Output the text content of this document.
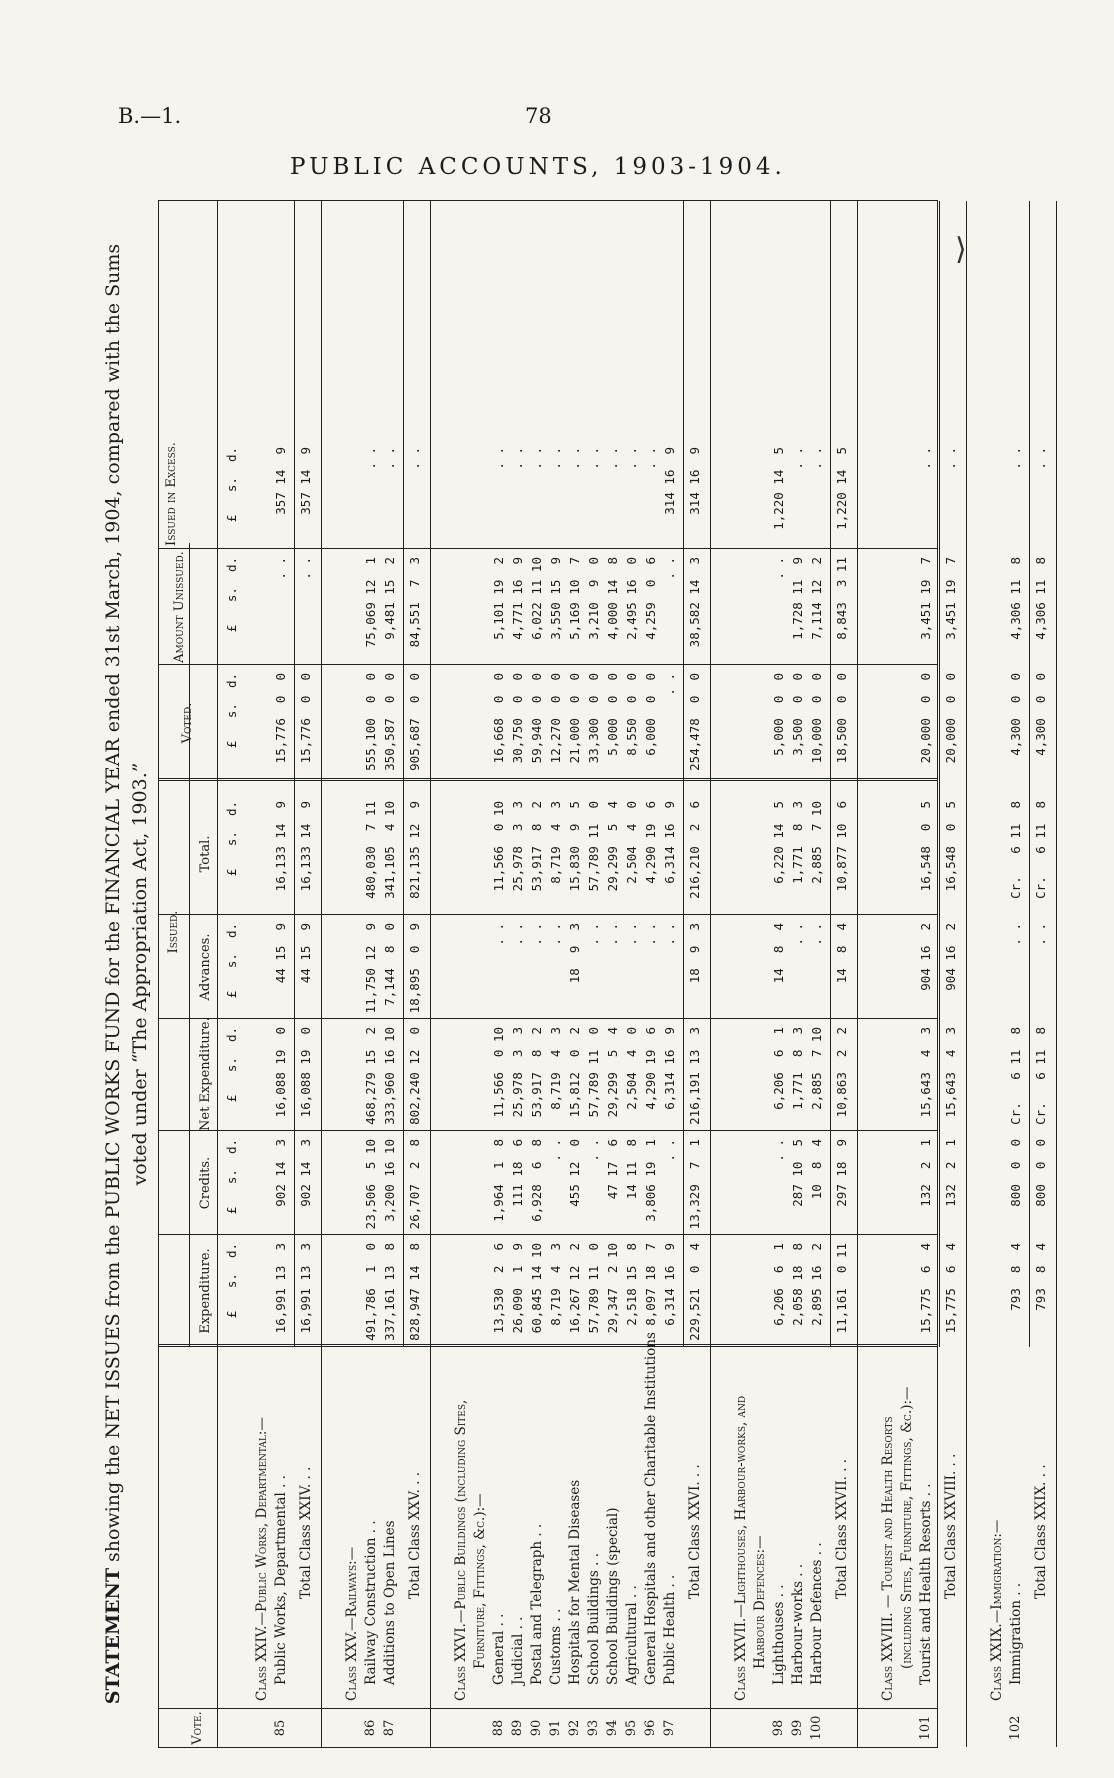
B.—1.	78
PUBLIC ACCOUNTS, 1903-1904.
STATEMENT showing the NET ISSUES from the PUBLIC WORKS FUND for the FINANCIAL YEAR ended 31st March, 1904, compared with the Sums voted under “The Appropriation Act, 1903.”
Vote.
Issued.
Expenditure.
Credits.
Net Expenditure.
Advances.
Total.
Voted.
Amount Unissued.
Issued in Excess.
£   s.  d.
£   s.  d.
£   s.  d.
£   s.  d.
£   s.  d.
£   s.  d.
£   s.  d.
£   s.  d.
Class XXIV.—Public Works, Departmental:—
85
Public Works, Departmental . .
16,991 13  3
902 14  3
16,088 19  0
44 15  9
16,133 14  9
15,776  0  0
. .
357 14  9
Total Class XXIV. . .
16,991 13  3
902 14  3
16,088 19  0
44 15  9
16,133 14  9
15,776  0  0
. .
357 14  9
Class XXV.—Railways:—
86
Railway Construction . .
491,786  1  0
23,506  5 10
468,279 15  2
11,750 12  9
480,030  7 11
555,100  0  0
75,069 12  1
. .
87
Additions to Open Lines
337,161 13  8
3,200 16 10
333,960 16 10
7,144  8  0
341,105  4 10
350,587  0  0
9,481 15  2
. .
Total Class XXV. . .
828,947 14  8
26,707  2  8
802,240 12  0
18,895  0  9
821,135 12  9
905,687  0  0
84,551  7  3
. .
Class XXVI.—Public Buildings (including Sites, Furniture, Fittings, &c.):—
88
General . .
13,530  2  6
1,964  1  8
11,566  0 10
. .
11,566  0 10
16,668  0  0
5,101 19  2
. .
89
Judicial . .
26,090  1  9
111 18  6
25,978  3  3
. .
25,978  3  3
30,750  0  0
4,771 16  9
. .
90
Postal and Telegraph . .
60,845 14 10
6,928  6  8
53,917  8  2
. .
53,917  8  2
59,940  0  0
6,022 11 10
. .
91
Customs . .
8,719  4  3
. .
8,719  4  3
. .
8,719  4  3
12,270  0  0
3,550 15  9
. .
92
Hospitals for Mental Diseases
16,267 12  2
455 12  0
15,812  0  2
18  9  3
15,830  9  5
21,000  0  0
5,169 10  7
. .
93
School Buildings . .
57,789 11  0
. .
57,789 11  0
. .
57,789 11  0
33,300  0  0
3,210  9  0
. .
94
School Buildings (special)
29,347  2 10
47 17  6
29,299  5  4
. .
29,299  5  4
5,000  0  0
4,000 14  8
. .
95
Agricultural . .
2,518 15  8
14 11  8
2,504  4  0
. .
2,504  4  0
8,550  0  0
2,495 16  0
. .
96
General Hospitals and other Charitable Institutions
8,097 18  7
3,806 19  1
4,290 19  6
. .
4,290 19  6
6,000  0  0
4,259  0  6
. .
97
Public Health . .
6,314 16  9
. .
6,314 16  9
. .
6,314 16  9
. .
. .
314 16  9
Total Class XXVI. . .
229,521  0  4
13,329  7  1
216,191 13  3
18  9  3
216,210  2  6
254,478  0  0
38,582 14  3
314 16  9
Class XXVII.—Lighthouses, Harbour-works, and Harbour Defences:—
98
Lighthouses . .
6,206  6  1
. .
6,206  6  1
14  8  4
6,220 14  5
5,000  0  0
. .
1,220 14  5
99
Harbour-works . .
2,058 18  8
287 10  5
1,771  8  3
. .
1,771  8  3
3,500  0  0
1,728 11  9
. .
100
Harbour Defences . .
2,895 16  2
10  8  4
2,885  7 10
. .
2,885  7 10
10,000  0  0
7,114 12  2
. .
Total Class XXVII. . .
11,161  0 11
297 18  9
10,863  2  2
14  8  4
10,877 10  6
18,500  0  0
8,843  3 11
1,220 14  5
Class XXVIII. — Tourist and Health Resorts (including Sites, Furniture, Fittings, &c.):—
101
Tourist and Health Resorts . .
15,775  6  4
132  2  1
15,643  4  3
904 16  2
16,548  0  5
20,000  0  0
3,451 19  7
. .
Total Class XXVIII. . .
15,775  6  4
132  2  1
15,643  4  3
904 16  2
16,548  0  5
20,000  0  0
3,451 19  7
. .
Class XXIX.—Immigration:—
102
Immigration . .
793  8  4
800  0  0
Cr.   6 11  8
. .
Cr.   6 11  8
4,300  0  0
4,306 11  8
. .
Total Class XXIX. . .
793  8  4
800  0  0
Cr.   6 11  8
. .
Cr.   6 11  8
4,300  0  0
4,306 11  8
. .
⟩
